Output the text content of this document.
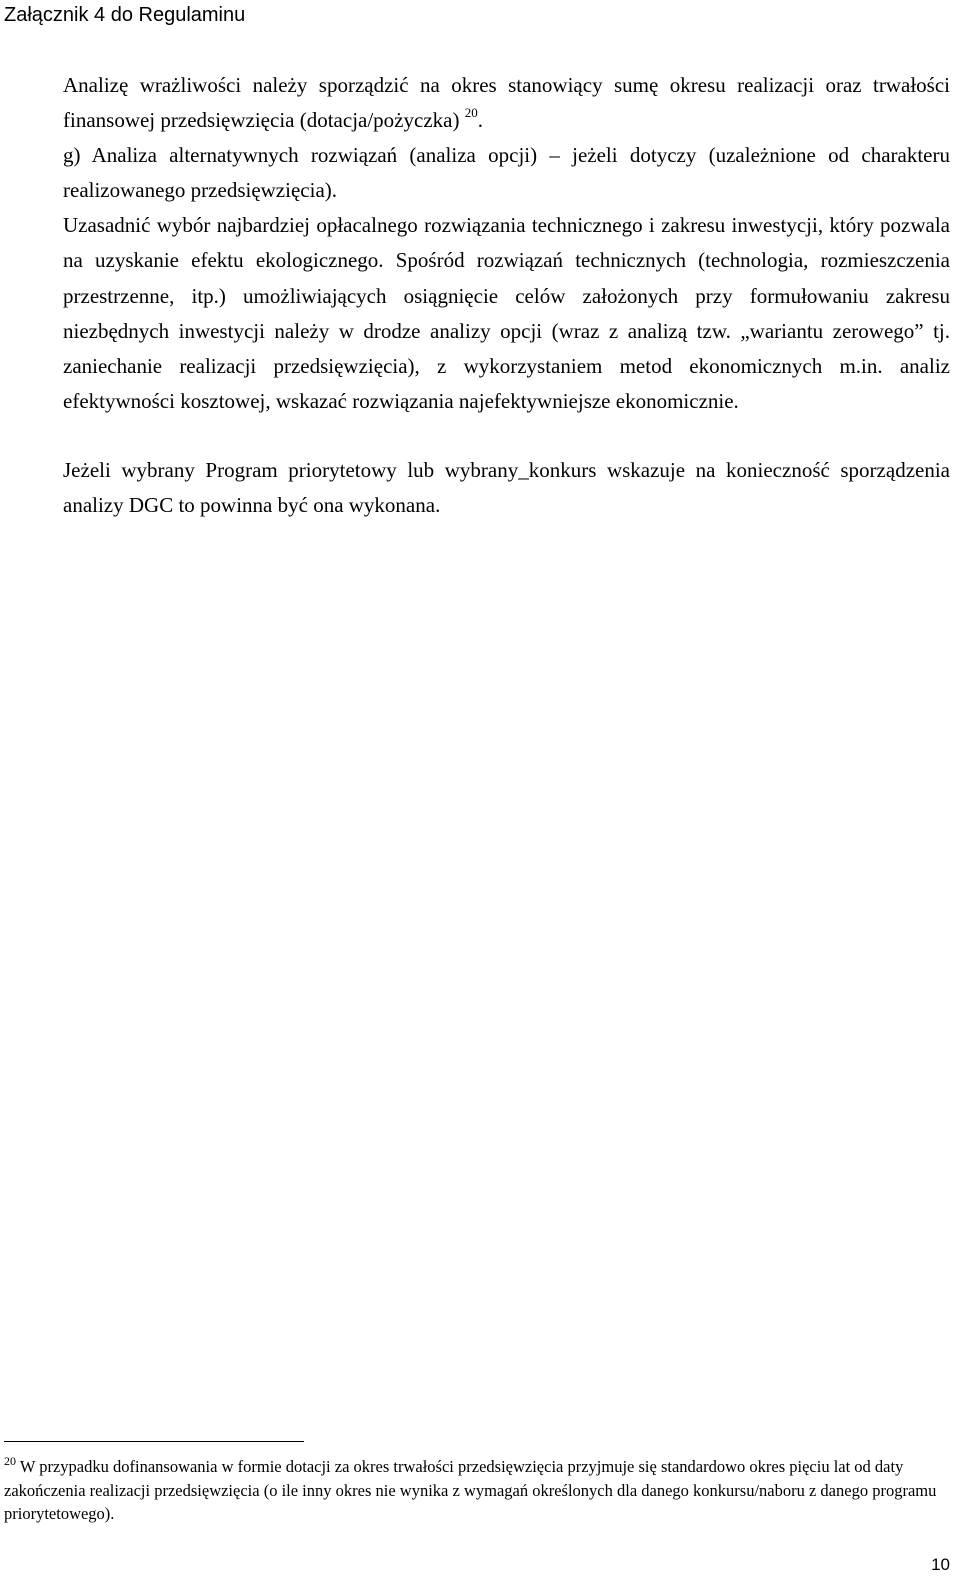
Załącznik 4 do Regulaminu

Analizę wrażliwości należy sporządzić na okres stanowiący sumę okresu realizacji oraz trwałości finansowej przedsięwzięcia (dotacja/pożyczka) $^{20}$.

g) Analiza alternatywnych rozwiązań (analiza opcji) – jeżeli dotyczy (uzależnione od charakteru realizowanego przedsięwzięcia).

Uzasadnić wybór najbardziej opłacalnego rozwiązania technicznego i zakresu inwestycji, który pozwala na uzyskanie efektu ekologicznego. Spośród rozwiązań technicznych (technologia, rozmieszczenia przestrzenne, itp.) umożliwiających osiągnięcie celów założonych przy formułowaniu zakresu niezbędnych inwestycji należy w drodze analizy opcji (wraz z analizą tzw. „wariantu zerowego” tj. zaniechanie realizacji przedsięwzięcia), z wykorzystaniem metod ekonomicznych m.in. analiz efektywności kosztowej, wskazać rozwiązania najefektywniejsze ekonomicznie.

Jeżeli wybrany Program priorytetowy lub wybrany_konkurs wskazuje na konieczność sporządzenia analizy DGC to powinna być ona wykonana.

$^{20}$ W przypadku dofinansowania w formie dotacji za okres trwałości przedsięwzięcia przyjmuje się standardowo okres pięciu lat od daty zakończenia realizacji przedsięwzięcia (o ile inny okres nie wynika z wymagań określonych dla danego konkursu/naboru z danego programu priorytetowego).

10
